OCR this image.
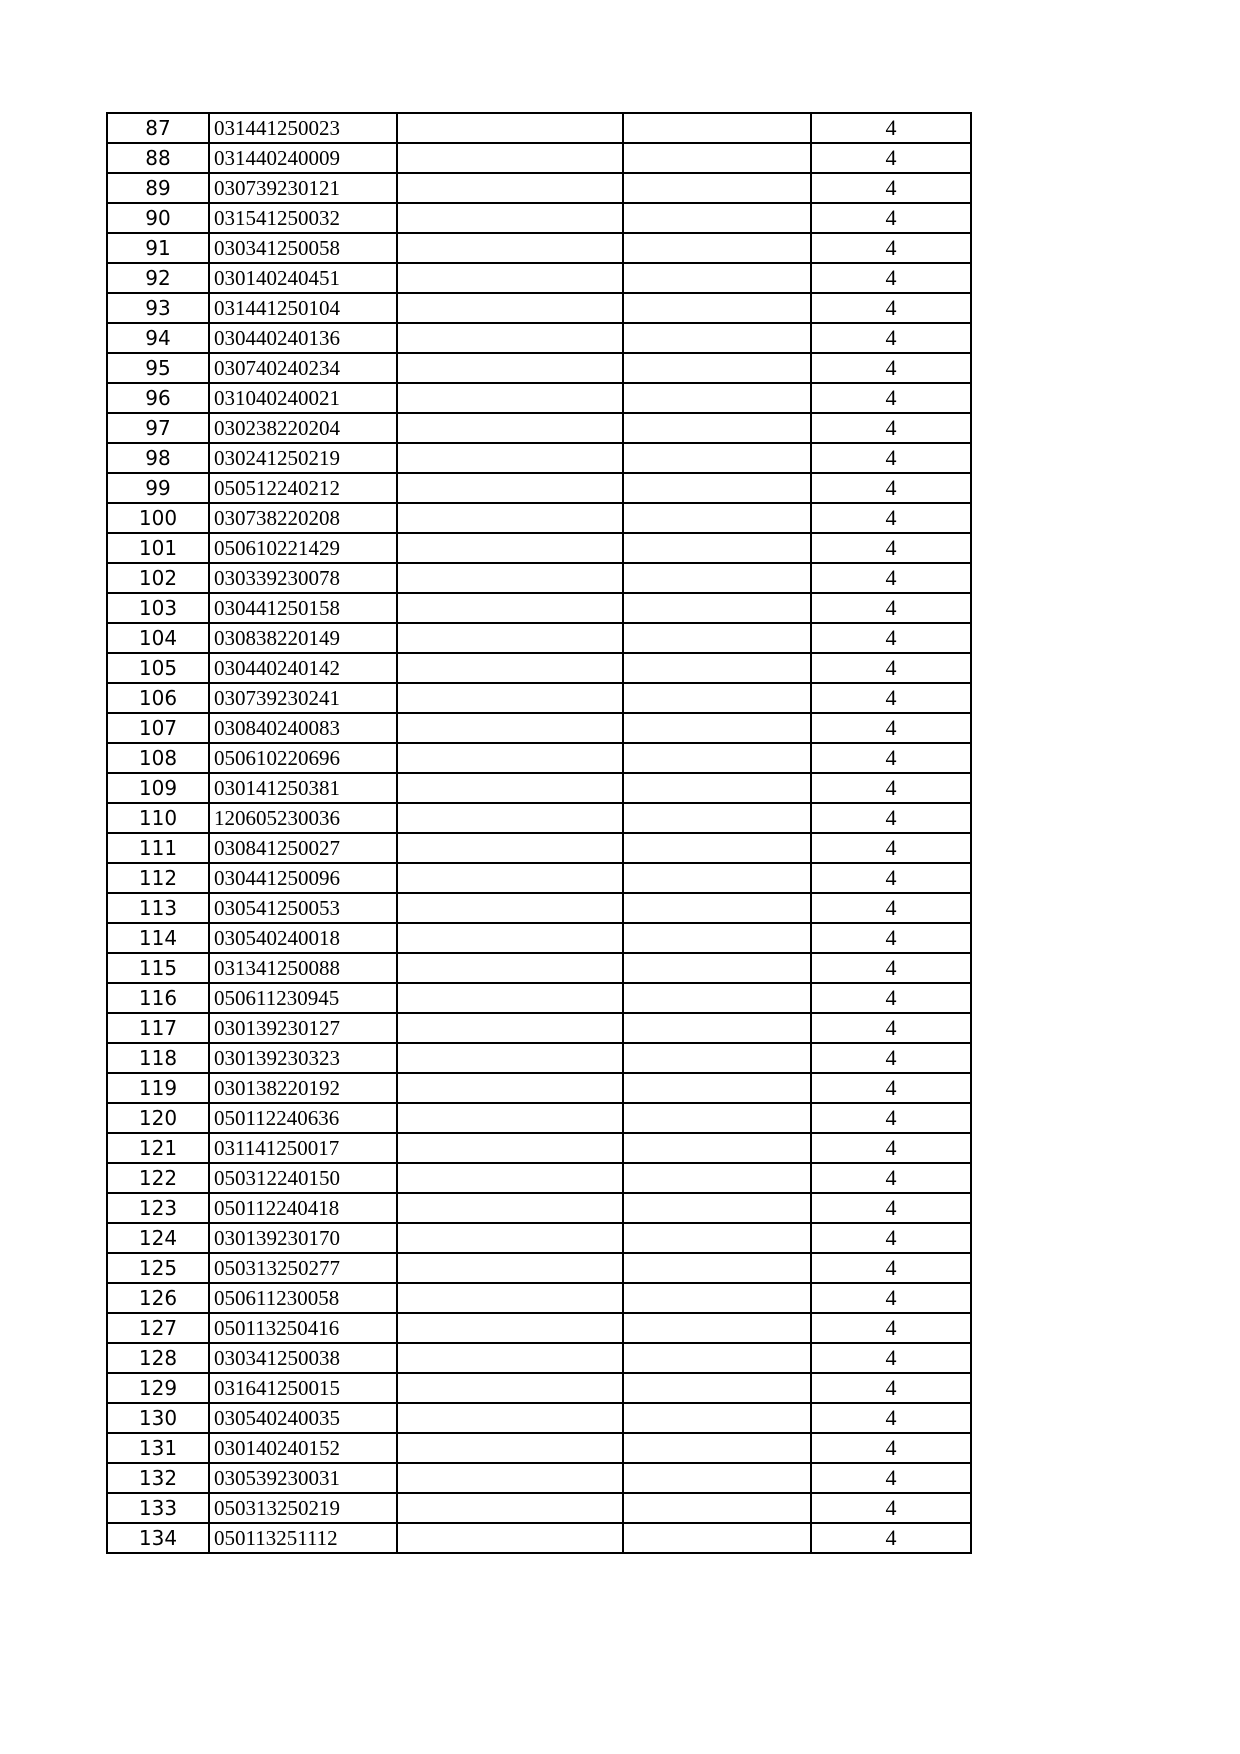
87	031441250023			4
88	031440240009			4
89	030739230121			4
90	031541250032			4
91	030341250058			4
92	030140240451			4
93	031441250104			4
94	030440240136			4
95	030740240234			4
96	031040240021			4
97	030238220204			4
98	030241250219			4
99	050512240212			4
100	030738220208			4
101	050610221429			4
102	030339230078			4
103	030441250158			4
104	030838220149			4
105	030440240142			4
106	030739230241			4
107	030840240083			4
108	050610220696			4
109	030141250381			4
110	120605230036			4
111	030841250027			4
112	030441250096			4
113	030541250053			4
114	030540240018			4
115	031341250088			4
116	050611230945			4
117	030139230127			4
118	030139230323			4
119	030138220192			4
120	050112240636			4
121	031141250017			4
122	050312240150			4
123	050112240418			4
124	030139230170			4
125	050313250277			4
126	050611230058			4
127	050113250416			4
128	030341250038			4
129	031641250015			4
130	030540240035			4
131	030140240152			4
132	030539230031			4
133	050313250219			4
134	050113251112			4
